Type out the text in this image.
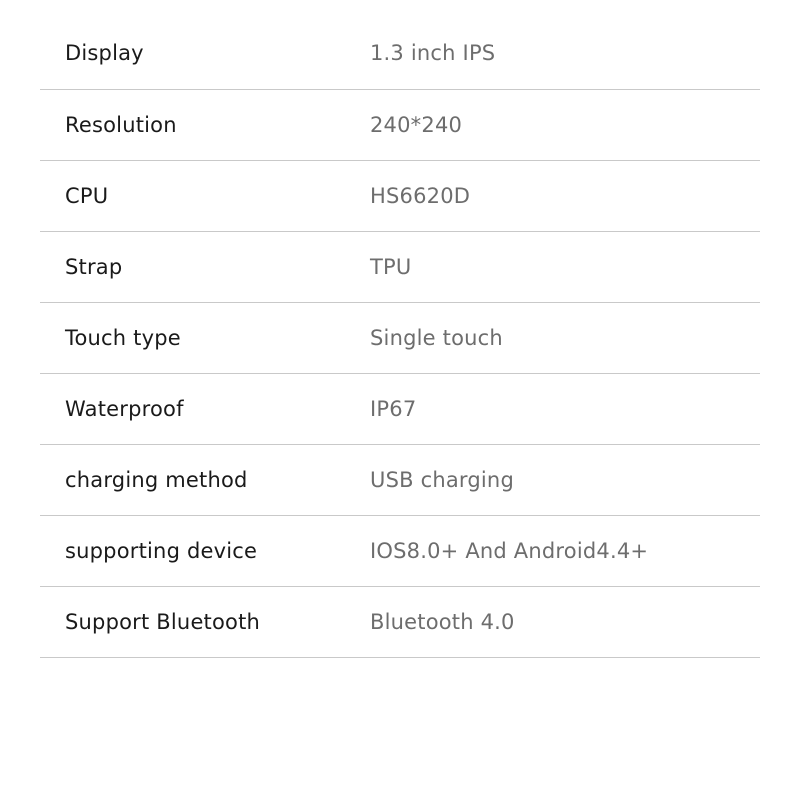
Display	1.3 inch IPS
Resolution	240*240
CPU	HS6620D
Strap	TPU
Touch type	Single touch
Waterproof	IP67
charging method	USB charging
supporting device	IOS8.0+ And Android4.4+
Support Bluetooth	Bluetooth 4.0
